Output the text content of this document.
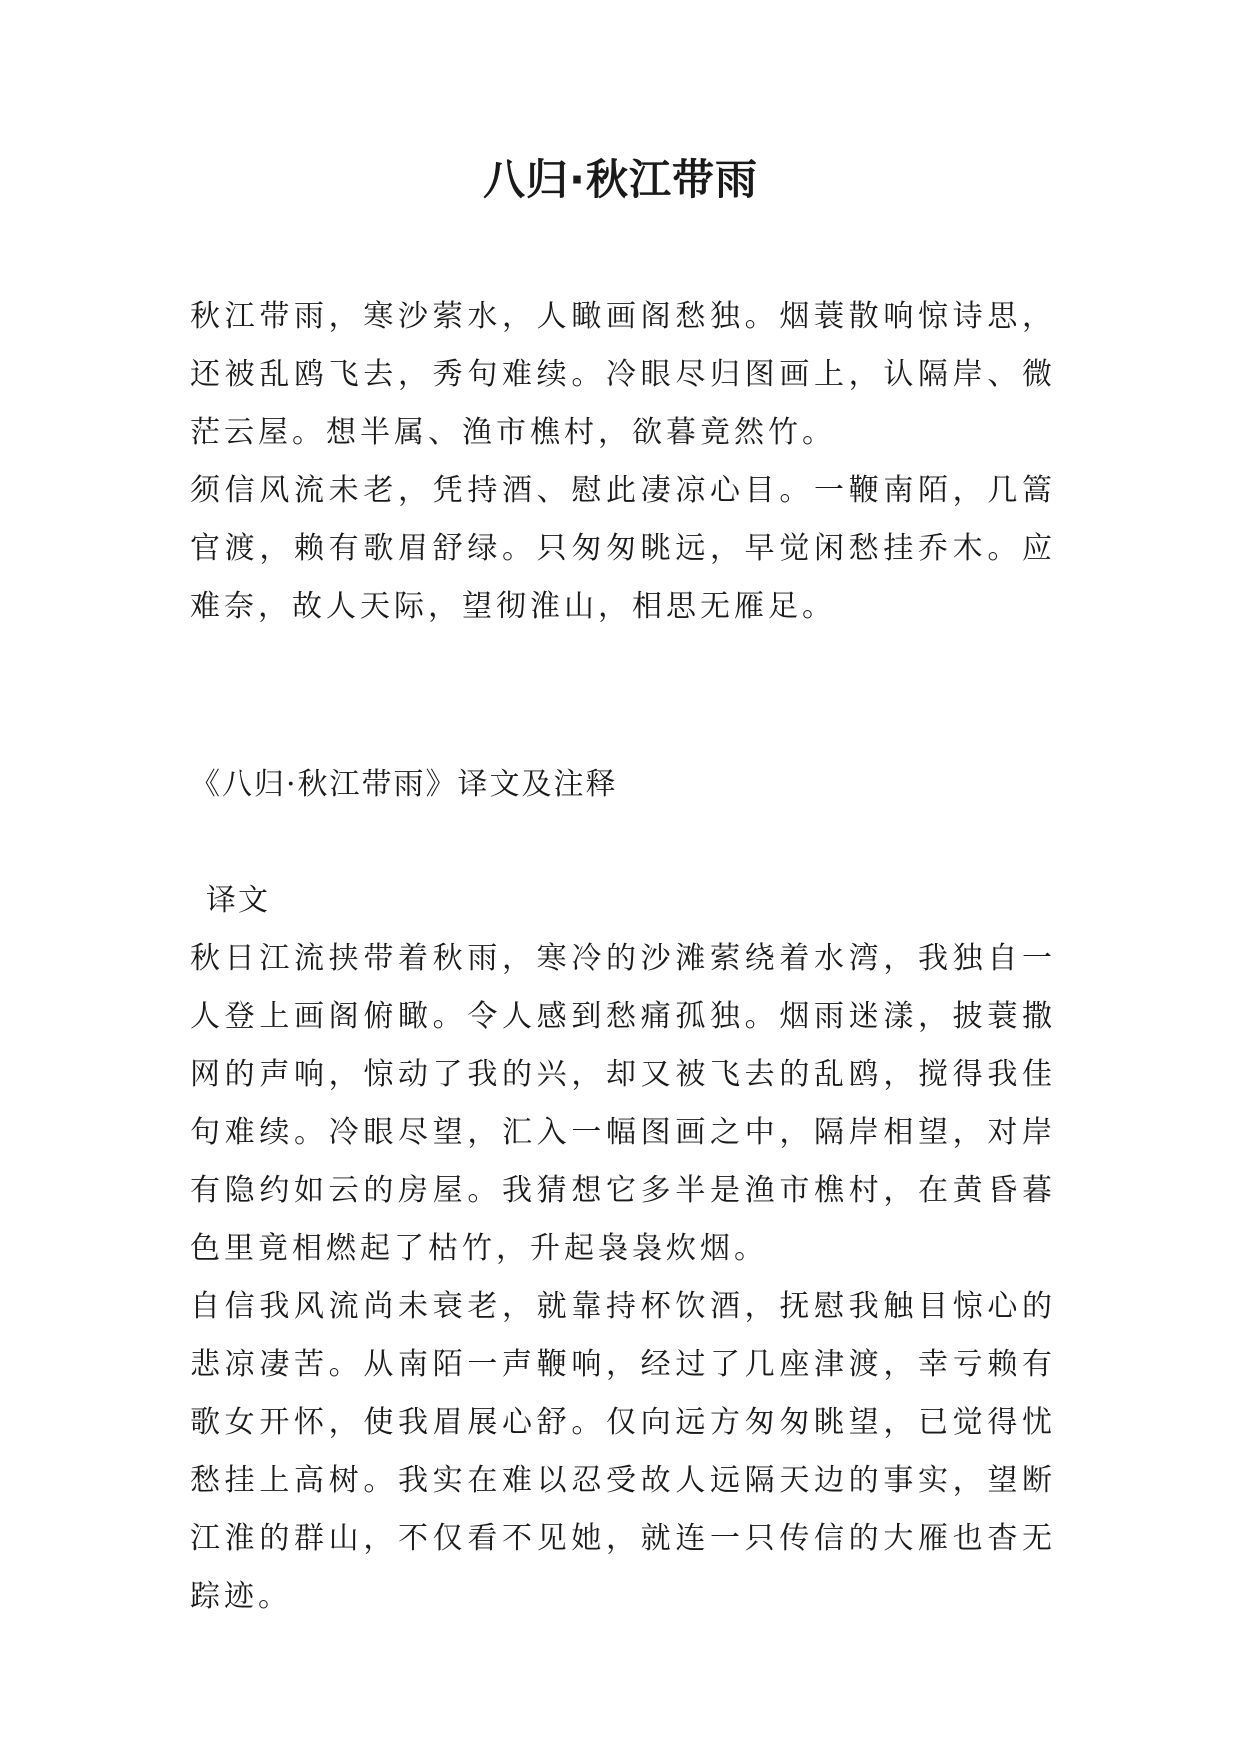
八归·秋江带雨

秋江带雨，寒沙萦水，人瞰画阁愁独。烟蓑散响惊诗思，还被乱鸥飞去，秀句难续。冷眼尽归图画上，认隔岸、微茫云屋。想半属、渔市樵村，欲暮竟然竹。

须信风流未老，凭持酒、慰此凄凉心目。一鞭南陌，几篙官渡，赖有歌眉舒绿。只匆匆眺远，早觉闲愁挂乔木。应难奈，故人天际，望彻淮山，相思无雁足。

《八归·秋江带雨》译文及注释

译文

秋日江流挟带着秋雨，寒冷的沙滩萦绕着水湾，我独自一人登上画阁俯瞰。令人感到愁痛孤独。烟雨迷漾，披蓑撒网的声响，惊动了我的兴，却又被飞去的乱鸥，搅得我佳句难续。冷眼尽望，汇入一幅图画之中，隔岸相望，对岸有隐约如云的房屋。我猜想它多半是渔市樵村，在黄昏暮色里竟相燃起了枯竹，升起袅袅炊烟。

自信我风流尚未衰老，就靠持杯饮酒，抚慰我触目惊心的悲凉凄苦。从南陌一声鞭响，经过了几座津渡，幸亏赖有歌女开怀，使我眉展心舒。仅向远方匆匆眺望，已觉得忧愁挂上高树。我实在难以忍受故人远隔天边的事实，望断江淮的群山，不仅看不见她，就连一只传信的大雁也杳无踪迹。
